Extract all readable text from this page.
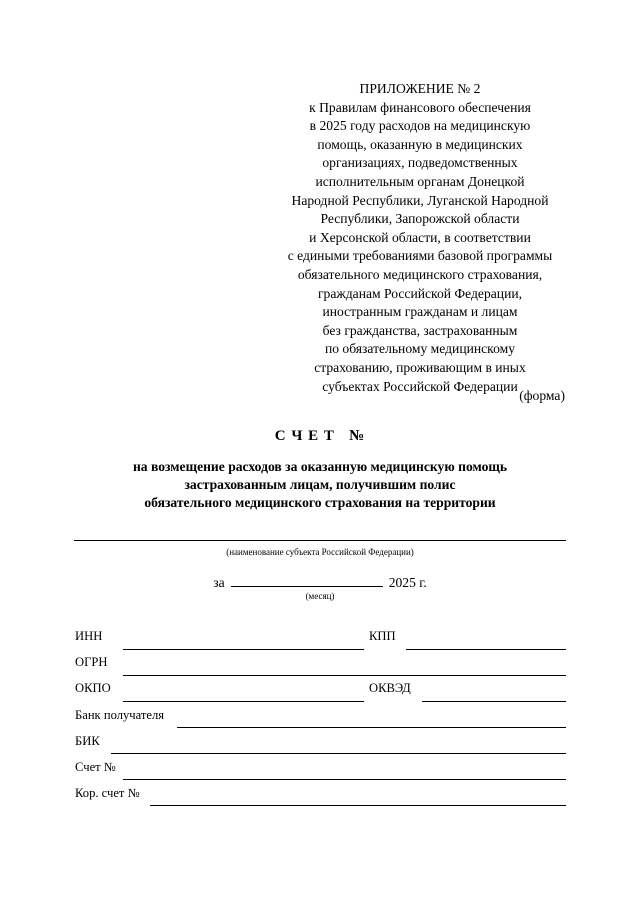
ПРИЛОЖЕНИЕ № 2
к Правилам финансового обеспечения
в 2025 году расходов на медицинскую
помощь, оказанную в медицинских
организациях, подведомственных
исполнительным органам Донецкой
Народной Республики, Луганской Народной
Республики, Запорожской области
и Херсонской области, в соответствии
с едиными требованиями базовой программы
обязательного медицинского страхования,
гражданам Российской Федерации,
иностранным гражданам и лицам
без гражданства, застрахованным
по обязательному медицинскому
страхованию, проживающим в иных
субъектах Российской Федерации
(форма)
С Ч Е Т   №
на возмещение расходов за оказанную медицинскую помощь
застрахованным лицам, получившим полис
обязательного медицинского страхования на территории
(наименование субъекта Российской Федерации)
за	2025 г.
(месяц)
ИНН	КПП
ОГРН
ОКПО	ОКВЭД
Банк получателя
БИК
Счет №
Кор. счет №
